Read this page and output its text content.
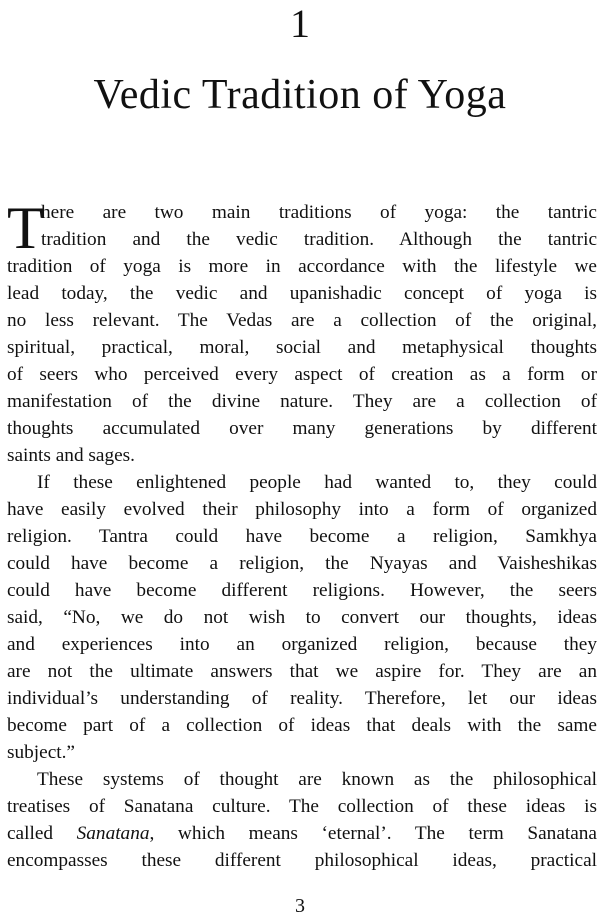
1
Vedic Tradition of Yoga
T
here are two main traditions of yoga: the tantric
tradition and the vedic tradition. Although the tantric
tradition of yoga is more in accordance with the lifestyle we
lead today, the vedic and upanishadic concept of yoga is
no less relevant. The Vedas are a collection of the original,
spiritual, practical, moral, social and metaphysical thoughts
of seers who perceived every aspect of creation as a form or
manifestation of the divine nature. They are a collection of
thoughts accumulated over many generations by different
saints and sages.
If these enlightened people had wanted to, they could
have easily evolved their philosophy into a form of organized
religion. Tantra could have become a religion, Samkhya
could have become a religion, the Nyayas and Vaisheshikas
could have become different religions. However, the seers
said, “No, we do not wish to convert our thoughts, ideas
and experiences into an organized religion, because they
are not the ultimate answers that we aspire for. They are an
individual’s understanding of reality. Therefore, let our ideas
become part of a collection of ideas that deals with the same
subject.”
These systems of thought are known as the philosophical
treatises of Sanatana culture. The collection of these ideas is
called Sanatana, which means ‘eternal’. The term Sanatana
encompasses these different philosophical ideas, practical
3
